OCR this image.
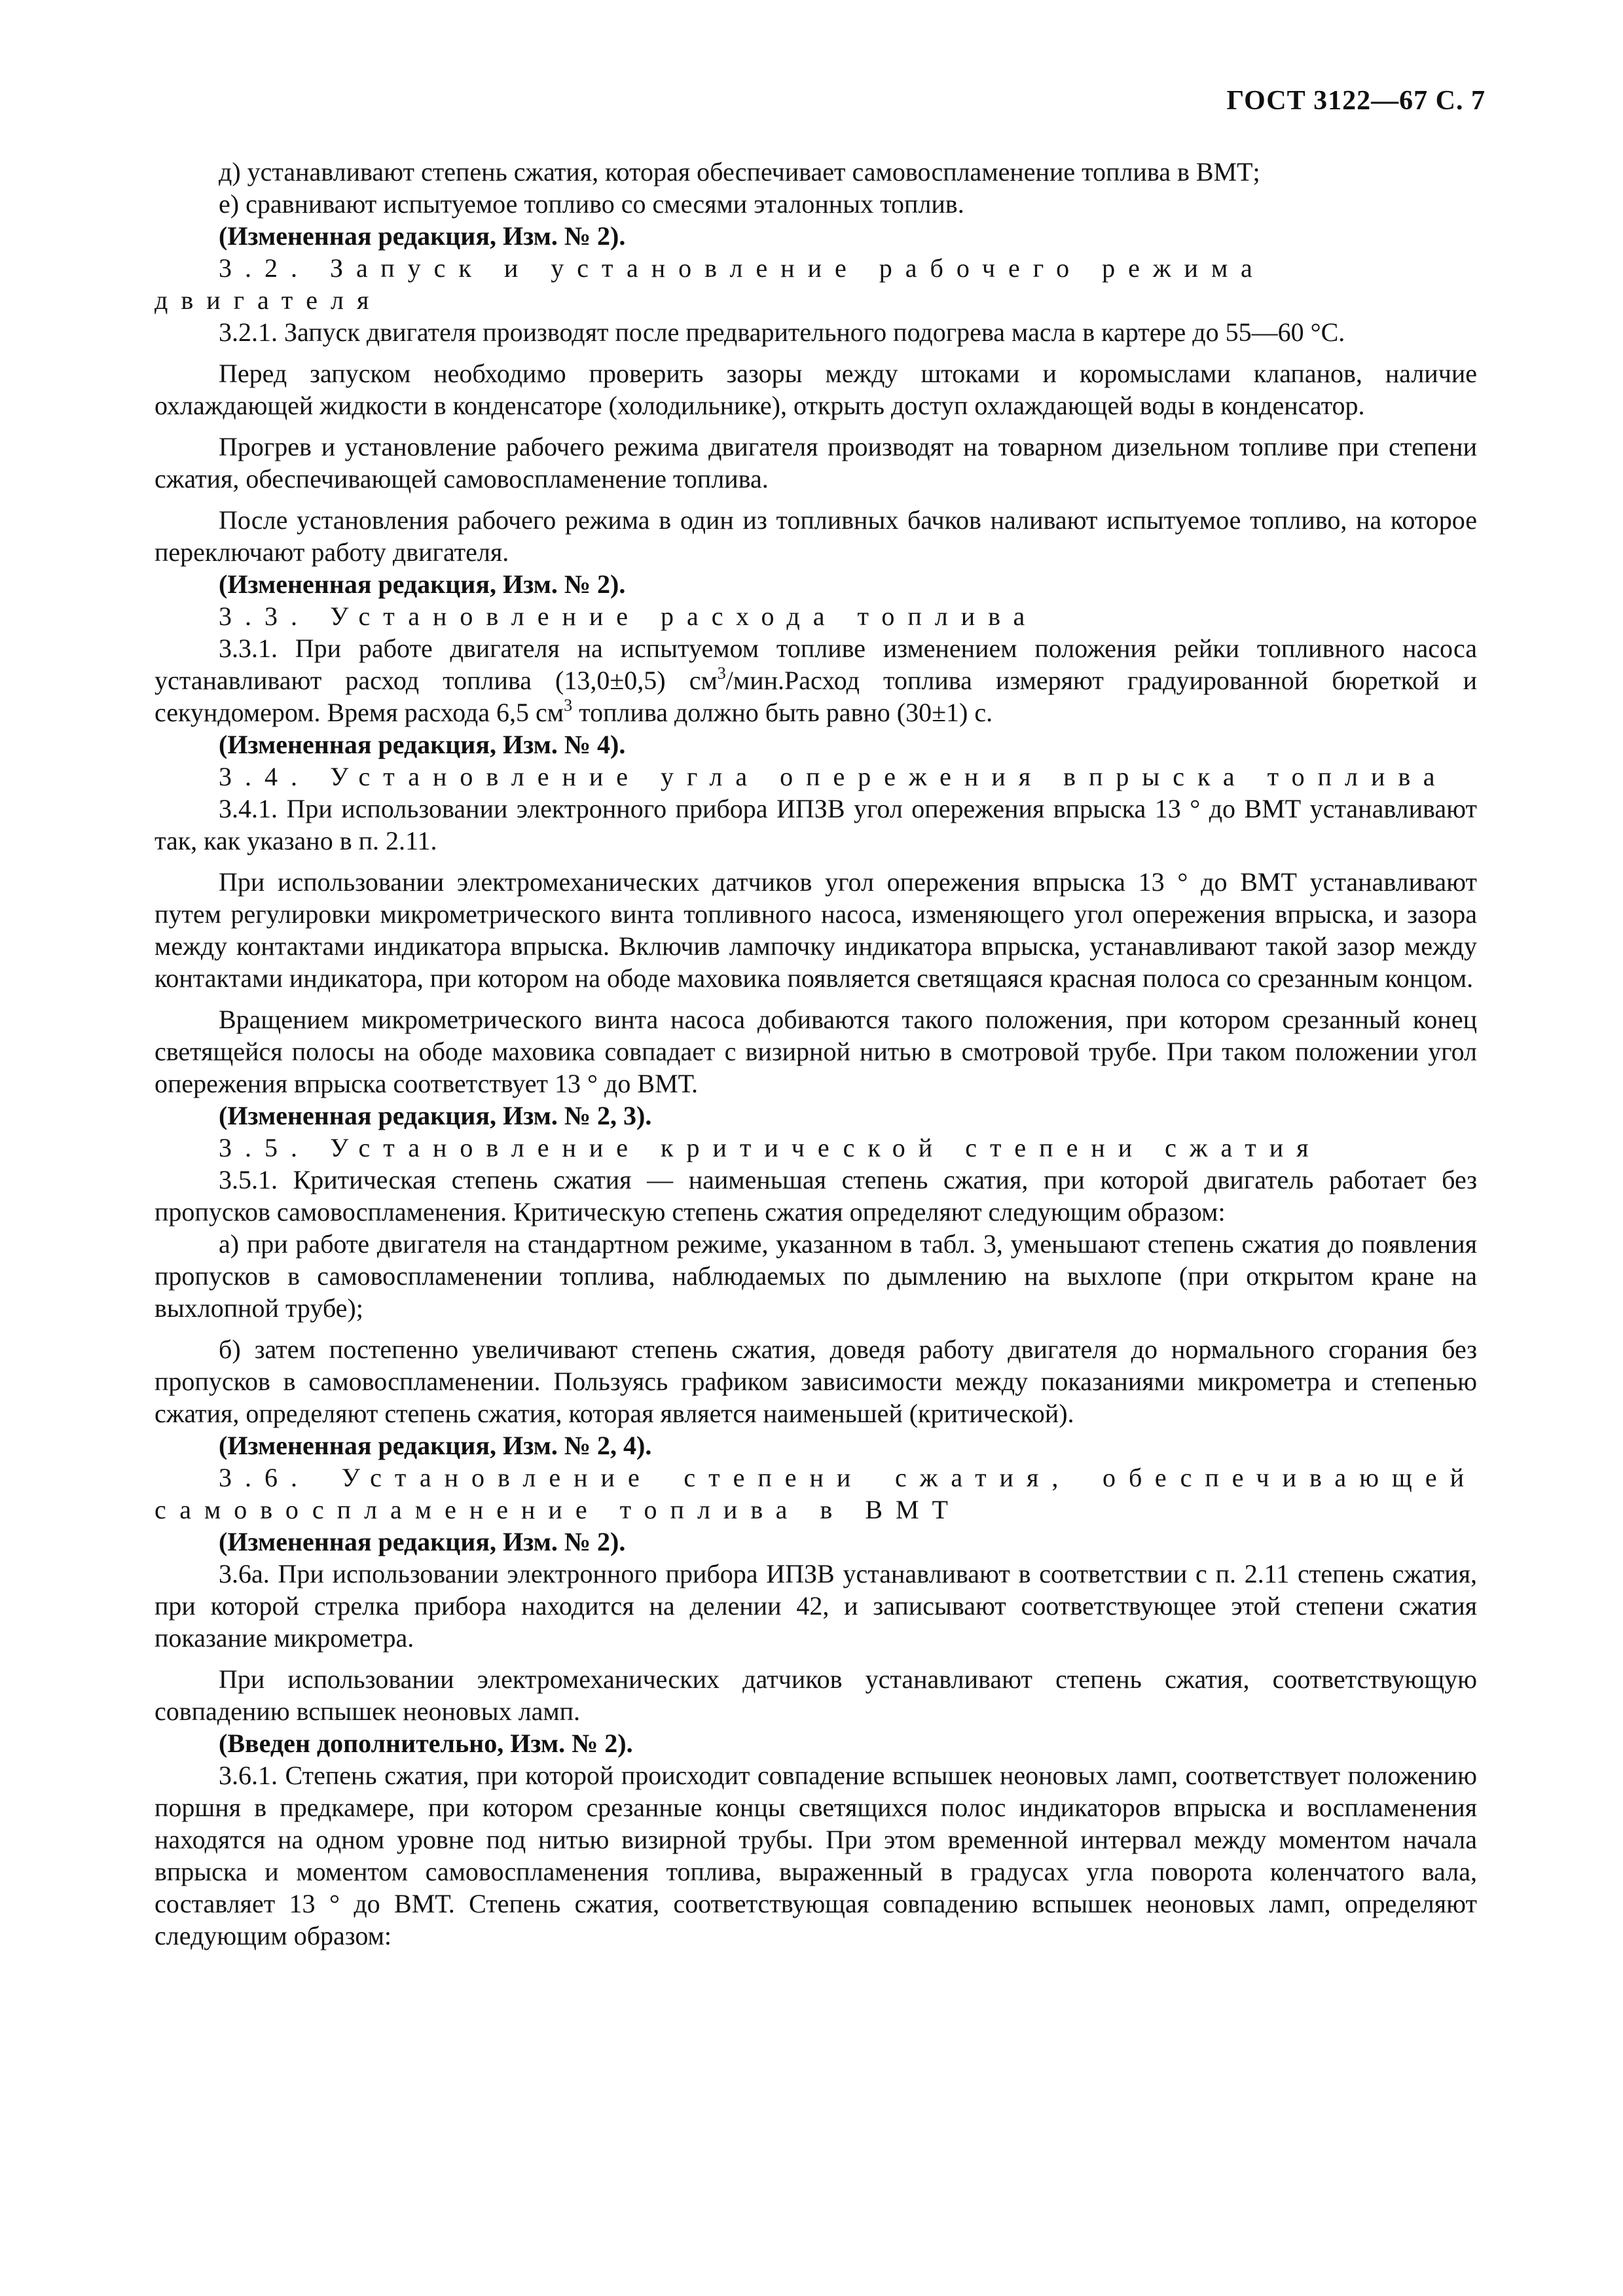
ГОСТ 3122—67 С. 7

д) устанавливают степень сжатия, которая обеспечивает самовоспламенение топлива в ВМТ;

е) сравнивают испытуемое топливо со смесями эталонных топлив.

(Измененная редакция, Изм. № 2).

3.2. Запуск и установление рабочего режима двигателя

3.2.1. Запуск двигателя производят после предварительного подогрева масла в картере до 55—60 °С.

Перед запуском необходимо проверить зазоры между штоками и коромыслами клапанов, наличие охлаждающей жидкости в конденсаторе (холодильнике), открыть доступ охлаждающей воды в конденсатор.

Прогрев и установление рабочего режима двигателя производят на товарном дизельном топливе при степени сжатия, обеспечивающей самовоспламенение топлива.

После установления рабочего режима в один из топливных бачков наливают испытуемое топливо, на которое переключают работу двигателя.

(Измененная редакция, Изм. № 2).

3.3. Установление расхода топлива

3.3.1. При работе двигателя на испытуемом топливе изменением положения рейки топливного насоса устанавливают расход топлива (13,0±0,5) $см^3/мин.Расход$ топлива измеряют градуированной бюреткой и секундомером. Время расхода 6,5 $см^3$ топлива должно быть равно (30±1) с.

(Измененная редакция, Изм. № 4).

3.4. Установление угла опережения впрыска топлива

3.4.1. При использовании электронного прибора ИПЗВ угол опережения впрыска 13 ° до ВМТ устанавливают так, как указано в п. 2.11.

При использовании электромеханических датчиков угол опережения впрыска 13 ° до ВМТ устанавливают путем регулировки микрометрического винта топливного насоса, изменяющего угол опережения впрыска, и зазора между контактами индикатора впрыска. Включив лампочку индикатора впрыска, устанавливают такой зазор между контактами индикатора, при котором на ободе маховика появляется светящаяся красная полоса со срезанным концом.

Вращением микрометрического винта насоса добиваются такого положения, при котором срезанный конец светящейся полосы на ободе маховика совпадает с визирной нитью в смотровой трубе. При таком положении угол опережения впрыска соответствует 13 ° до ВМТ.

(Измененная редакция, Изм. № 2, 3).

3.5. Установление критической степени сжатия

3.5.1. Критическая степень сжатия — наименьшая степень сжатия, при которой двигатель работает без пропусков самовоспламенения. Критическую степень сжатия определяют следующим образом:

а) при работе двигателя на стандартном режиме, указанном в табл. 3, уменьшают степень сжатия до появления пропусков в самовоспламенении топлива, наблюдаемых по дымлению на выхлопе (при открытом кране на выхлопной трубе);

б) затем постепенно увеличивают степень сжатия, доведя работу двигателя до нормального сгорания без пропусков в самовоспламенении. Пользуясь графиком зависимости между показаниями микрометра и степенью сжатия, определяют степень сжатия, которая является наименьшей (критической).

(Измененная редакция, Изм. № 2, 4).

3.6. Установление степени сжатия, обеспечивающей самовоспламенение топлива в ВМТ

(Измененная редакция, Изм. № 2).

3.6а. При использовании электронного прибора ИПЗВ устанавливают в соответствии с п. 2.11 степень сжатия, при которой стрелка прибора находится на делении 42, и записывают соответствующее этой степени сжатия показание микрометра.

При использовании электромеханических датчиков устанавливают степень сжатия, соответствующую совпадению вспышек неоновых ламп.

(Введен дополнительно, Изм. № 2).

3.6.1. Степень сжатия, при которой происходит совпадение вспышек неоновых ламп, соответствует положению поршня в предкамере, при котором срезанные концы светящихся полос индикаторов впрыска и воспламенения находятся на одном уровне под нитью визирной трубы. При этом временной интервал между моментом начала впрыска и моментом самовоспламенения топлива, выраженный в градусах угла поворота коленчатого вала, составляет 13 ° до ВМТ. Степень сжатия, соответствующая совпадению вспышек неоновых ламп, определяют следующим образом:
